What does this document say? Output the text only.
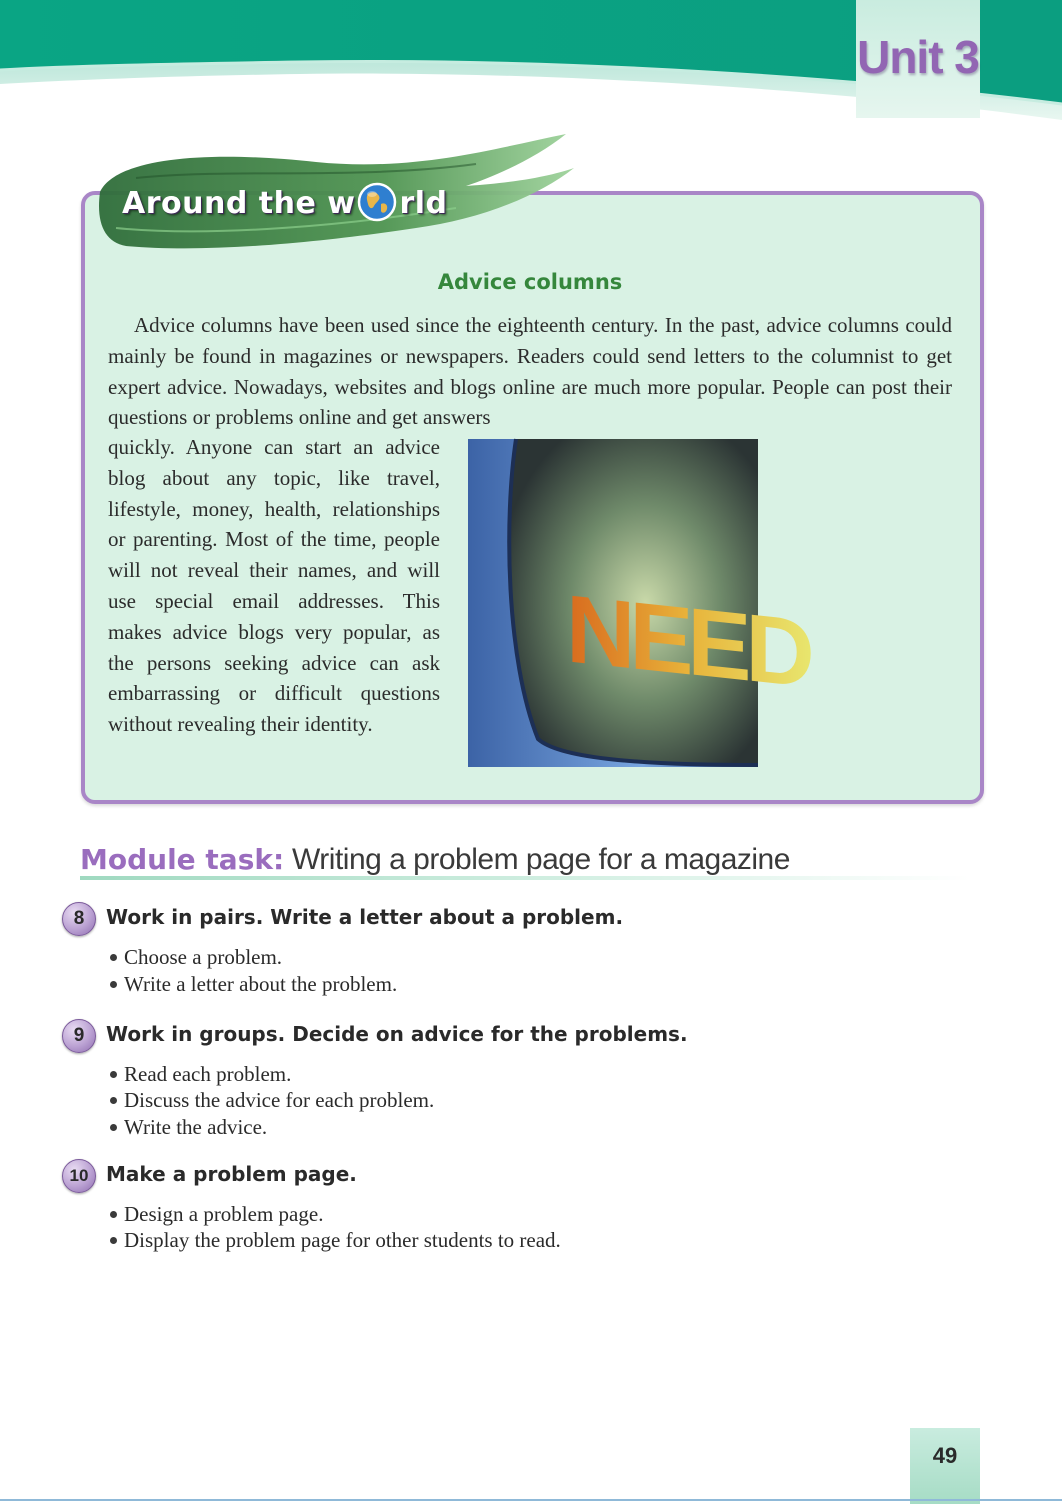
Unit 3
Around the w rld
Advice columns

Advice columns have been used since the eighteenth century. In the past, advice columns could mainly be found in magazines or newspapers. Readers could send letters to the columnist to get expert advice. Nowadays, websites and blogs online are much more popular. People can post their questions or problems online and get answers

quickly. Anyone can start an advice blog about any topic, like travel, lifestyle, money, health, relationships or parenting. Most of the time, people will not reveal their names, and will use special email addresses. This makes advice blogs very popular, as the persons seeking advice can ask embarrassing or difficult questions without revealing their identity.

NEED
Module task: Writing a problem page for a magazine
8	Work in pairs. Write a letter about a problem.
Choose a problem.
Write a letter about the problem.
9	Work in groups. Decide on advice for the problems.
Read each problem.
Discuss the advice for each problem.
Write the advice.
10 Make a problem page.
Design a problem page.
Display the problem page for other students to read.
49
